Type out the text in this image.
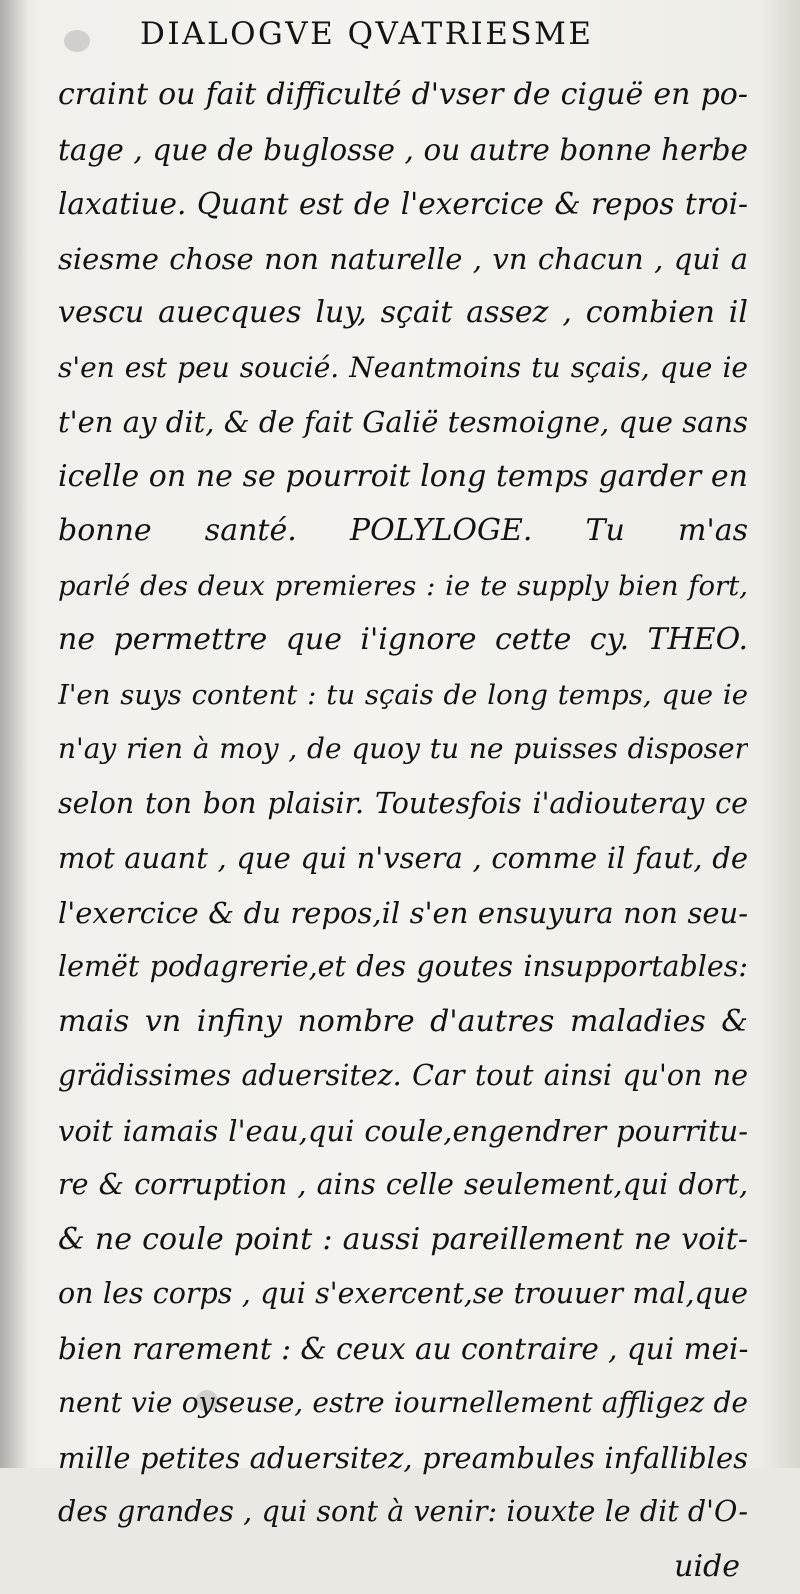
DIALOGVE QVATRIESME
craint ou fait difficulté d'vser de ciguë en po-
tage , que de buglosse , ou autre bonne herbe
laxatiue. Quant est de l'exercice & repos troi-
siesme chose non naturelle , vn chacun , qui a
vescu auecques luy, sçait assez , combien il
s'en est peu soucié. Neantmoins tu sçais, que ie
t'en ay dit, & de fait Galië tesmoigne, que sans
icelle on ne se pourroit long temps garder en
bonne santé. POLYLOGE. Tu m'as
parlé des deux premieres : ie te supply bien fort,
ne permettre que i'ignore cette cy. THEO.
I'en suys content : tu sçais de long temps, que ie
n'ay rien à moy , de quoy tu ne puisses disposer
selon ton bon plaisir. Toutesfois i'adiouteray ce
mot auant , que qui n'vsera , comme il faut, de
l'exercice & du repos,il s'en ensuyura non seu-
lemët podagrerie,et des goutes insupportables:
mais vn infiny nombre d'autres maladies &
grädissimes aduersitez. Car tout ainsi qu'on ne
voit iamais l'eau,qui coule,engendrer pourritu-
re & corruption , ains celle seulement,qui dort,
& ne coule point : aussi pareillement ne voit-
on les corps , qui s'exercent,se trouuer mal,que
bien rarement : & ceux au contraire , qui mei-
nent vie oyseuse, estre iournellement affligez de
mille petites aduersitez, preambules infallibles
des grandes , qui sont à venir: iouxte le dit d'O-
uide
